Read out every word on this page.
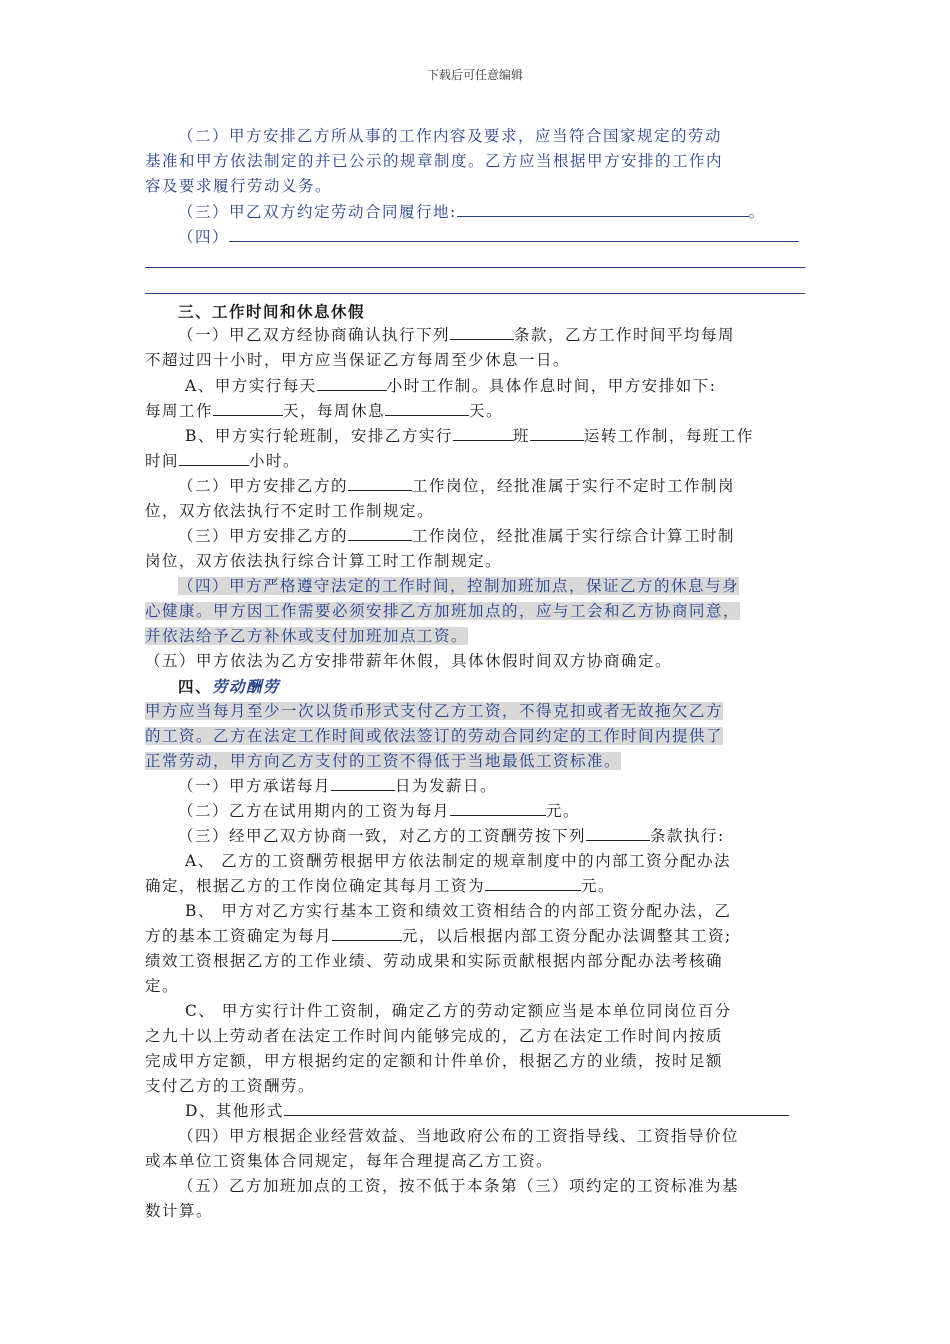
下载后可任意编辑
（二）甲方安排乙方所从事的工作内容及要求，应当符合国家规定的劳动
基准和甲方依法制定的并已公示的规章制度。乙方应当根据甲方安排的工作内
容及要求履行劳动义务。
（三）甲乙双方约定劳动合同履行地:	。
（四）
三、工作时间和休息休假
（一）甲乙双方经协商确认执行下列	条款，乙方工作时间平均每周
不超过四十小时，甲方应当保证乙方每周至少休息一日。
A、甲方实行每天	小时工作制。具体作息时间，甲方安排如下:
每周工作	天，每周休息	天。
B、甲方实行轮班制，安排乙方实行	班	运转工作制，每班工作
时间	小时。
（二）甲方安排乙方的	工作岗位，经批准属于实行不定时工作制岗
位，双方依法执行不定时工作制规定。
（三）甲方安排乙方的	工作岗位，经批准属于实行综合计算工时制
岗位，双方依法执行综合计算工时工作制规定。
（四）甲方严格遵守法定的工作时间，控制加班加点，保证乙方的休息与身
心健康。甲方因工作需要必须安排乙方加班加点的，应与工会和乙方协商同意，
并依法给予乙方补休或支付加班加点工资。
（五）甲方依法为乙方安排带薪年休假，具体休假时间双方协商确定。
四、劳动酬劳
甲方应当每月至少一次以货币形式支付乙方工资，不得克扣或者无故拖欠乙方
的工资。乙方在法定工作时间或依法签订的劳动合同约定的工作时间内提供了
正常劳动，甲方向乙方支付的工资不得低于当地最低工资标准。
（一）甲方承诺每月	日为发薪日。
（二）乙方在试用期内的工资为每月	元。
（三）经甲乙双方协商一致，对乙方的工资酬劳按下列	条款执行:
A、 乙方的工资酬劳根据甲方依法制定的规章制度中的内部工资分配办法
确定，根据乙方的工作岗位确定其每月工资为	元。
B、 甲方对乙方实行基本工资和绩效工资相结合的内部工资分配办法，乙
方的基本工资确定为每月	元，以后根据内部工资分配办法调整其工资;
绩效工资根据乙方的工作业绩、劳动成果和实际贡献根据内部分配办法考核确
定。
C、 甲方实行计件工资制，确定乙方的劳动定额应当是本单位同岗位百分
之九十以上劳动者在法定工作时间内能够完成的，乙方在法定工作时间内按质
完成甲方定额，甲方根据约定的定额和计件单价，根据乙方的业绩，按时足额
支付乙方的工资酬劳。
D、其他形式
（四）甲方根据企业经营效益、当地政府公布的工资指导线、工资指导价位
或本单位工资集体合同规定，每年合理提高乙方工资。
（五）乙方加班加点的工资，按不低于本条第（三）项约定的工资标准为基
数计算。
